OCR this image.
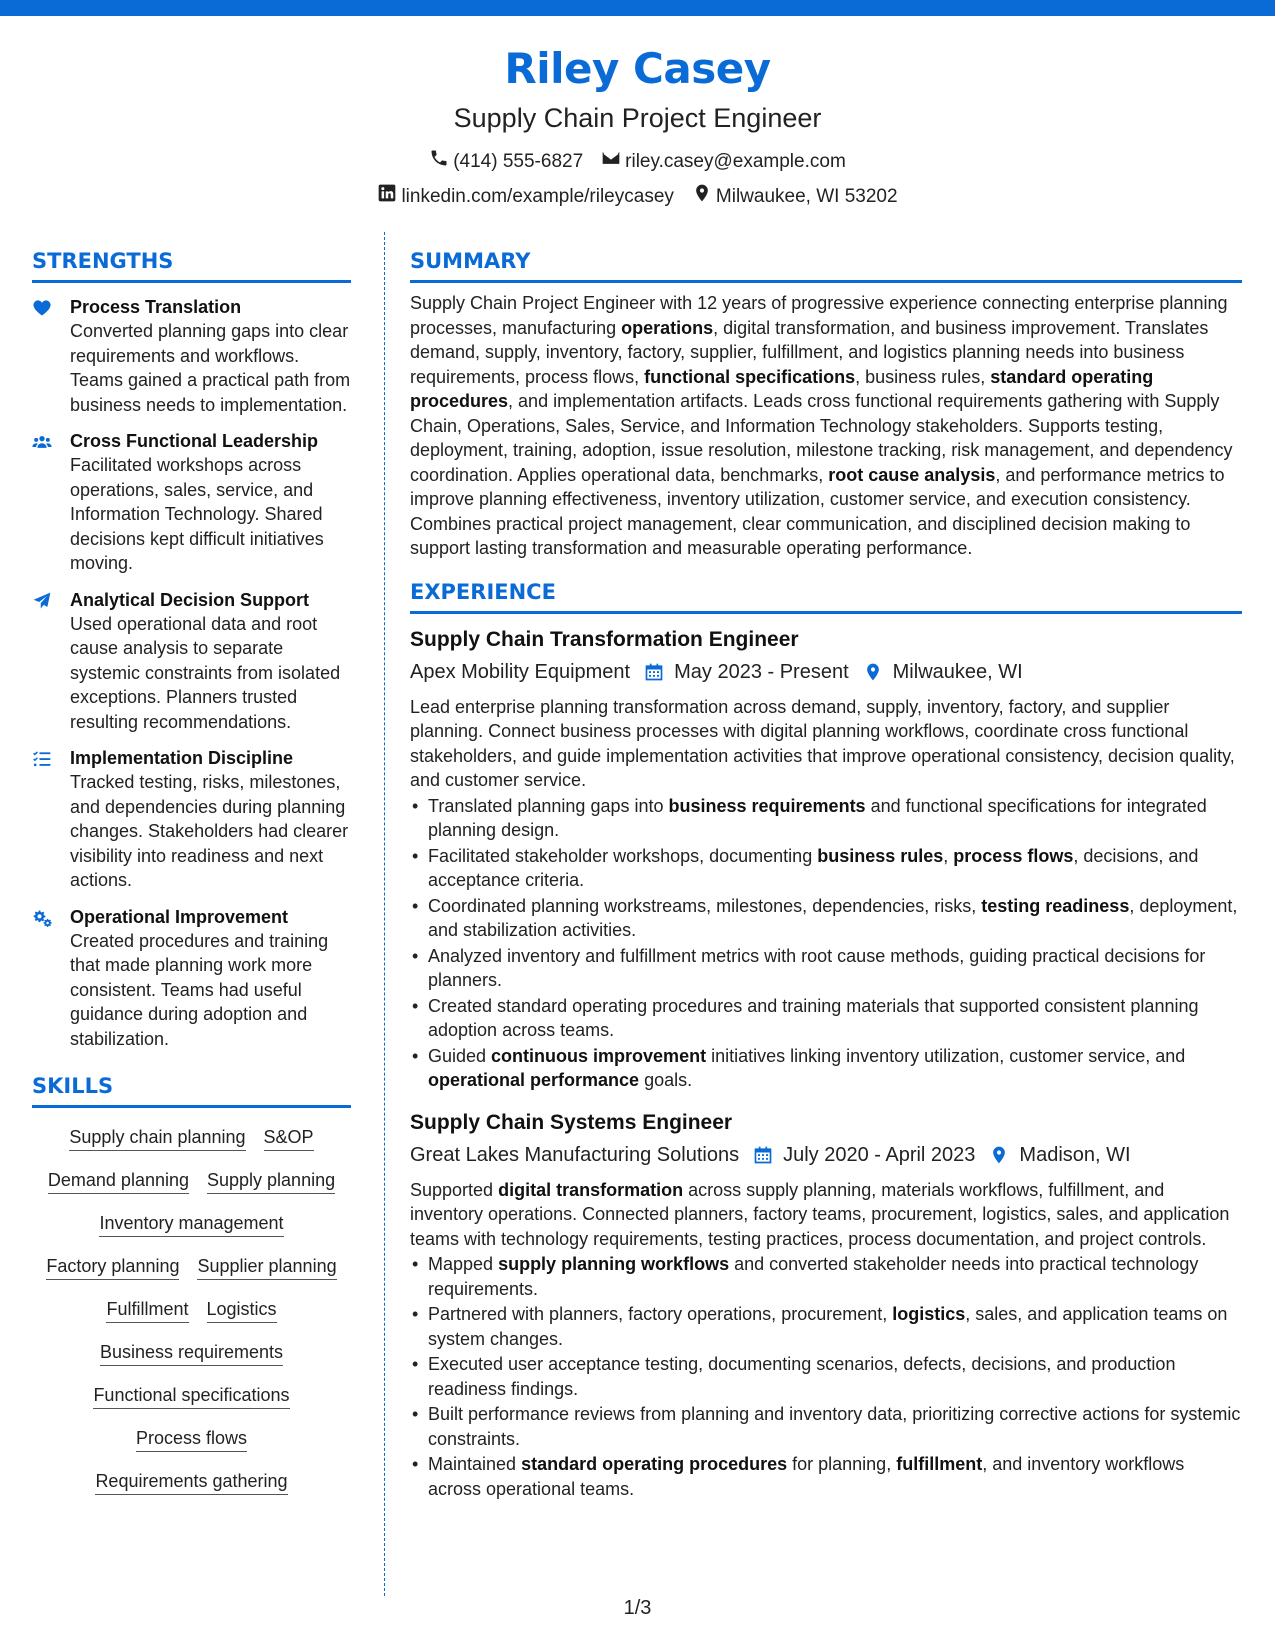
Riley Casey
Supply Chain Project Engineer
(414) 555-6827 riley.casey@example.com
linkedin.com/example/rileycasey Milwaukee, WI 53202
STRENGTHS
Process Translation
Converted planning gaps into clear requirements and workflows. Teams gained a practical path from business needs to implementation.
Cross Functional Leadership
Facilitated workshops across operations, sales, service, and Information Technology. Shared decisions kept difficult initiatives moving.
Analytical Decision Support
Used operational data and root cause analysis to separate systemic constraints from isolated exceptions. Planners trusted resulting recommendations.
Implementation Discipline
Tracked testing, risks, milestones, and dependencies during planning changes. Stakeholders had clearer visibility into readiness and next actions.
Operational Improvement
Created procedures and training that made planning work more consistent. Teams had useful guidance during adoption and stabilization.
SKILLS
Supply chain planning S&OP
Demand planning Supply planning
Inventory management
Factory planning Supplier planning
Fulfillment Logistics
Business requirements
Functional specifications
Process flows
Requirements gathering
SUMMARY
Supply Chain Project Engineer with 12 years of progressive experience connecting enterprise planning processes, manufacturing operations, digital transformation, and business improvement. Translates demand, supply, inventory, factory, supplier, fulfillment, and logistics planning needs into business requirements, process flows, functional specifications, business rules, standard operating procedures, and implementation artifacts. Leads cross functional requirements gathering with Supply Chain, Operations, Sales, Service, and Information Technology stakeholders. Supports testing, deployment, training, adoption, issue resolution, milestone tracking, risk management, and dependency coordination. Applies operational data, benchmarks, root cause analysis, and performance metrics to improve planning effectiveness, inventory utilization, customer service, and execution consistency. Combines practical project management, clear communication, and disciplined decision making to support lasting transformation and measurable operating performance.
EXPERIENCE
Supply Chain Transformation Engineer
Apex Mobility Equipment May 2023 - Present Milwaukee, WI
Lead enterprise planning transformation across demand, supply, inventory, factory, and supplier planning. Connect business processes with digital planning workflows, coordinate cross functional stakeholders, and guide implementation activities that improve operational consistency, decision quality, and customer service.
• Translated planning gaps into business requirements and functional specifications for integrated planning design.
• Facilitated stakeholder workshops, documenting business rules, process flows, decisions, and acceptance criteria.
• Coordinated planning workstreams, milestones, dependencies, risks, testing readiness, deployment, and stabilization activities.
• Analyzed inventory and fulfillment metrics with root cause methods, guiding practical decisions for planners.
• Created standard operating procedures and training materials that supported consistent planning adoption across teams.
• Guided continuous improvement initiatives linking inventory utilization, customer service, and operational performance goals.
Supply Chain Systems Engineer
Great Lakes Manufacturing Solutions July 2020 - April 2023 Madison, WI
Supported digital transformation across supply planning, materials workflows, fulfillment, and inventory operations. Connected planners, factory teams, procurement, logistics, sales, and application teams with technology requirements, testing practices, process documentation, and project controls.
• Mapped supply planning workflows and converted stakeholder needs into practical technology requirements.
• Partnered with planners, factory operations, procurement, logistics, sales, and application teams on system changes.
• Executed user acceptance testing, documenting scenarios, defects, decisions, and production readiness findings.
• Built performance reviews from planning and inventory data, prioritizing corrective actions for systemic constraints.
• Maintained standard operating procedures for planning, fulfillment, and inventory workflows across operational teams.
1/3
